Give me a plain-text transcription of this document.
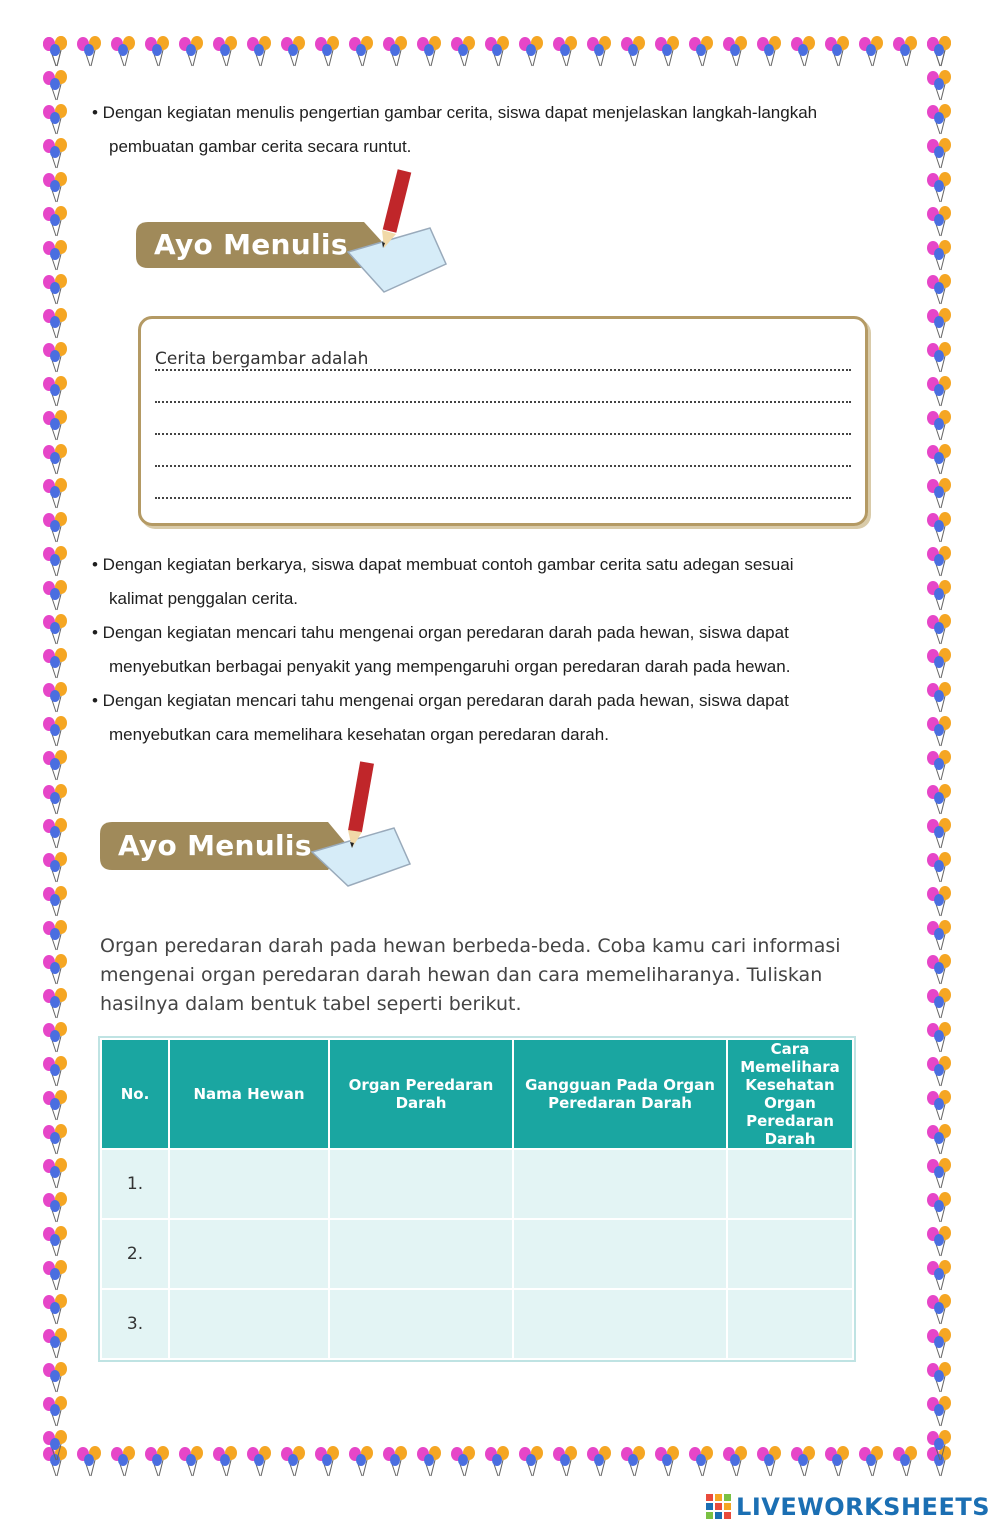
• Dengan kegiatan menulis pengertian gambar cerita, siswa dapat menjelaskan langkah-langkah
pembuatan gambar cerita secara runtut.
Ayo Menulis
Cerita bergambar adalah
• Dengan kegiatan berkarya, siswa dapat membuat contoh gambar cerita satu adegan sesuai
kalimat penggalan cerita.
• Dengan kegiatan mencari tahu mengenai organ peredaran darah pada hewan, siswa dapat
menyebutkan berbagai penyakit yang mempengaruhi organ peredaran darah pada hewan.
• Dengan kegiatan mencari tahu mengenai organ peredaran darah pada hewan, siswa dapat
menyebutkan cara memelihara kesehatan organ peredaran darah.
Ayo Menulis
Organ peredaran darah pada hewan berbeda-beda. Coba kamu cari informasi
mengenai organ peredaran darah hewan dan cara memeliharanya. Tuliskan
hasilnya dalam bentuk tabel seperti berikut.
No.	Nama Hewan	Organ Peredaran Darah	Gangguan Pada Organ Peredaran Darah	Cara Memelihara Kesehatan Organ Peredaran Darah
1.				
2.				
3.				
LIVEWORKSHEETS
